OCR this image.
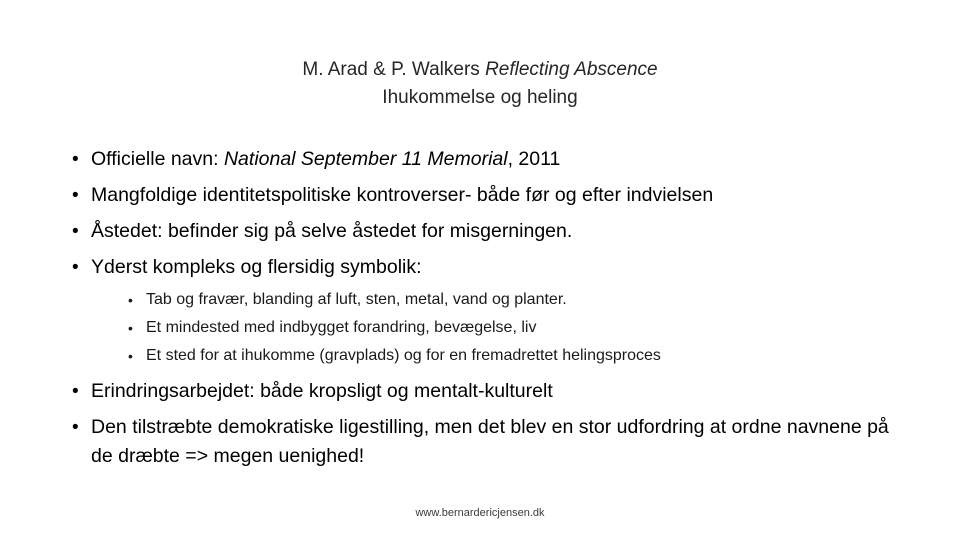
M. Arad & P. Walkers Reflecting Abscence
Ihukommelse og heling
• Officielle navn: National September 11 Memorial, 2011
• Mangfoldige identitetspolitiske kontroverser- både før og efter indvielsen
• Åstedet: befinder sig på selve åstedet for misgerningen.
• Yderst kompleks og flersidig symbolik:
• Tab og fravær, blanding af luft, sten, metal, vand og planter.
• Et mindested med indbygget forandring, bevægelse, liv
• Et sted for at ihukomme (gravplads) og for en fremadrettet helingsproces
• Erindringsarbejdet: både kropsligt og mentalt-kulturelt
• Den tilstræbte demokratiske ligestilling, men det blev en stor udfordring at ordne navnene på de dræbte => megen uenighed!
www.bernardericjensen.dk
